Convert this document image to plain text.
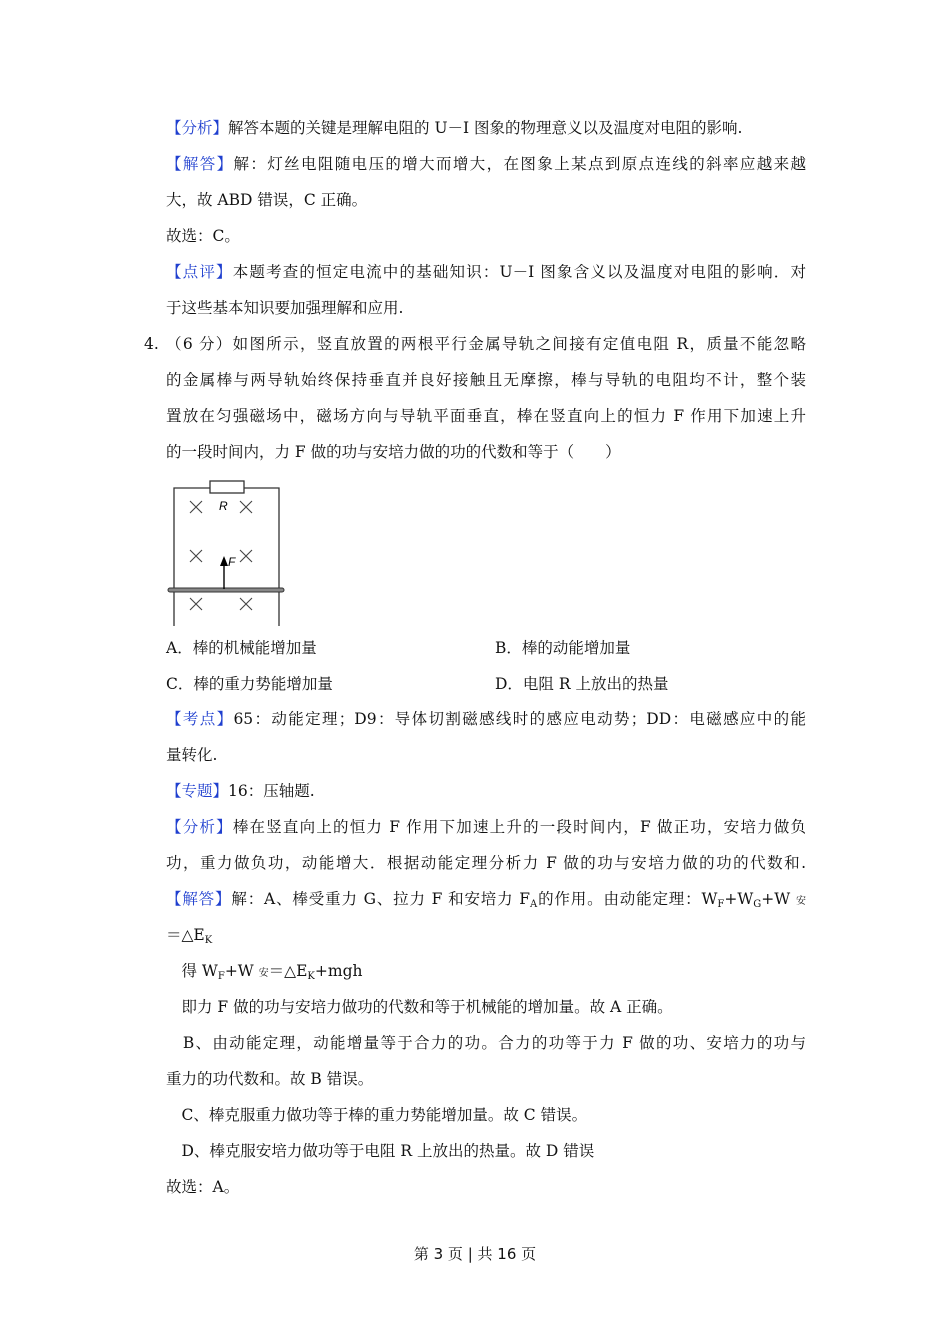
【分析】解答本题的关键是理解电阻的 U－I 图象的物理意义以及温度对电阻的影响.
【解答】解：灯丝电阻随电压的增大而增大，在图象上某点到原点连线的斜率应越来越
大，故 ABD 错误，C 正确。
故选：C。
【点评】本题考查的恒定电流中的基础知识：U－I 图象含义以及温度对电阻的影响．对
于这些基本知识要加强理解和应用.
4. （6 分）如图所示，竖直放置的两根平行金属导轨之间接有定值电阻 R，质量不能忽略
的金属棒与两导轨始终保持垂直并良好接触且无摩擦，棒与导轨的电阻均不计，整个装
置放在匀强磁场中，磁场方向与导轨平面垂直，棒在竖直向上的恒力 F 作用下加速上升
的一段时间内，力 F 做的功与安培力做的功的代数和等于（　　）
R
F
A．棒的机械能增加量	B．棒的动能增加量
C．棒的重力势能增加量	D．电阻 R 上放出的热量
【考点】65：动能定理；D9：导体切割磁感线时的感应电动势；DD：电磁感应中的能
量转化.
【专题】16：压轴题.
【分析】棒在竖直向上的恒力 F 作用下加速上升的一段时间内，F 做正功，安培力做负
功，重力做负功，动能增大．根据动能定理分析力 F 做的功与安培力做的功的代数和.
【解答】解：A、棒受重力 G、拉力 F 和安培力 $F_A$的作用。由动能定理：$W_F+W_G+W$ 安
$=\triangle E_K$
　得 $W_F+W$ 安$=\triangle E_K+mgh$
　即力 F 做的功与安培力做功的代数和等于机械能的增加量。故 A 正确。
　B、由动能定理，动能增量等于合力的功。合力的功等于力 F 做的功、安培力的功与
重力的功代数和。故 B 错误。
　C、棒克服重力做功等于棒的重力势能增加量。故 C 错误。
　D、棒克服安培力做功等于电阻 R 上放出的热量。故 D 错误
故选：A。
第 3 页 | 共 16 页
